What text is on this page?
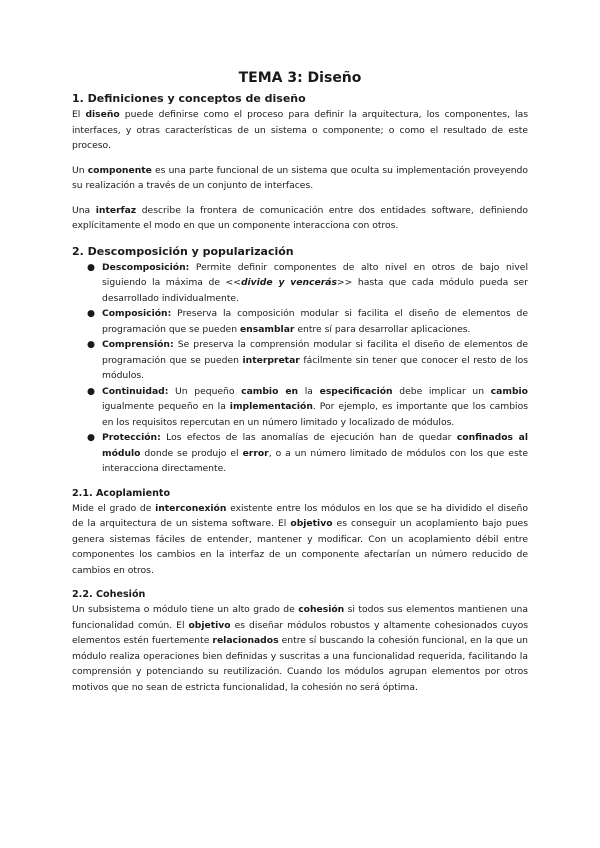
TEMA 3: Diseño
1. Definiciones y conceptos de diseño

El diseño puede definirse como el proceso para definir la arquitectura, los componentes, las interfaces, y otras características de un sistema o componente; o como el resultado de este proceso.

Un componente es una parte funcional de un sistema que oculta su implementación proveyendo su realización a través de un conjunto de interfaces.

Una interfaz describe la frontera de comunicación entre dos entidades software, definiendo explícitamente el modo en que un componente interacciona con otros.

2. Descomposición y popularización
● Descomposición: Permite definir componentes de alto nivel en otros de bajo nivel siguiendo la máxima de <<divide y vencerás>> hasta que cada módulo pueda ser desarrollado individualmente.
● Composición: Preserva la composición modular si facilita el diseño de elementos de programación que se pueden ensamblar entre sí para desarrollar aplicaciones.
● Comprensión: Se preserva la comprensión modular si facilita el diseño de elementos de programación que se pueden interpretar fácilmente sin tener que conocer el resto de los módulos.
● Continuidad: Un pequeño cambio en la especificación debe implicar un cambio igualmente pequeño en la implementación. Por ejemplo, es importante que los cambios en los requisitos repercutan en un número limitado y localizado de módulos.
● Protección: Los efectos de las anomalías de ejecución han de quedar confinados al módulo donde se produjo el error, o a un número limitado de módulos con los que este interacciona directamente.
2.1. Acoplamiento

Mide el grado de interconexión existente entre los módulos en los que se ha dividido el diseño de la arquitectura de un sistema software. El objetivo es conseguir un acoplamiento bajo pues genera sistemas fáciles de entender, mantener y modificar. Con un acoplamiento débil entre componentes los cambios en la interfaz de un componente afectarían un número reducido de cambios en otros.

2.2. Cohesión

Un subsistema o módulo tiene un alto grado de cohesión si todos sus elementos mantienen una funcionalidad común. El objetivo es diseñar módulos robustos y altamente cohesionados cuyos elementos estén fuertemente relacionados entre sí buscando la cohesión funcional, en la que un módulo realiza operaciones bien definidas y suscritas a una funcionalidad requerida, facilitando la comprensión y potenciando su reutilización. Cuando los módulos agrupan elementos por otros motivos que no sean de estricta funcionalidad, la cohesión no será óptima.
